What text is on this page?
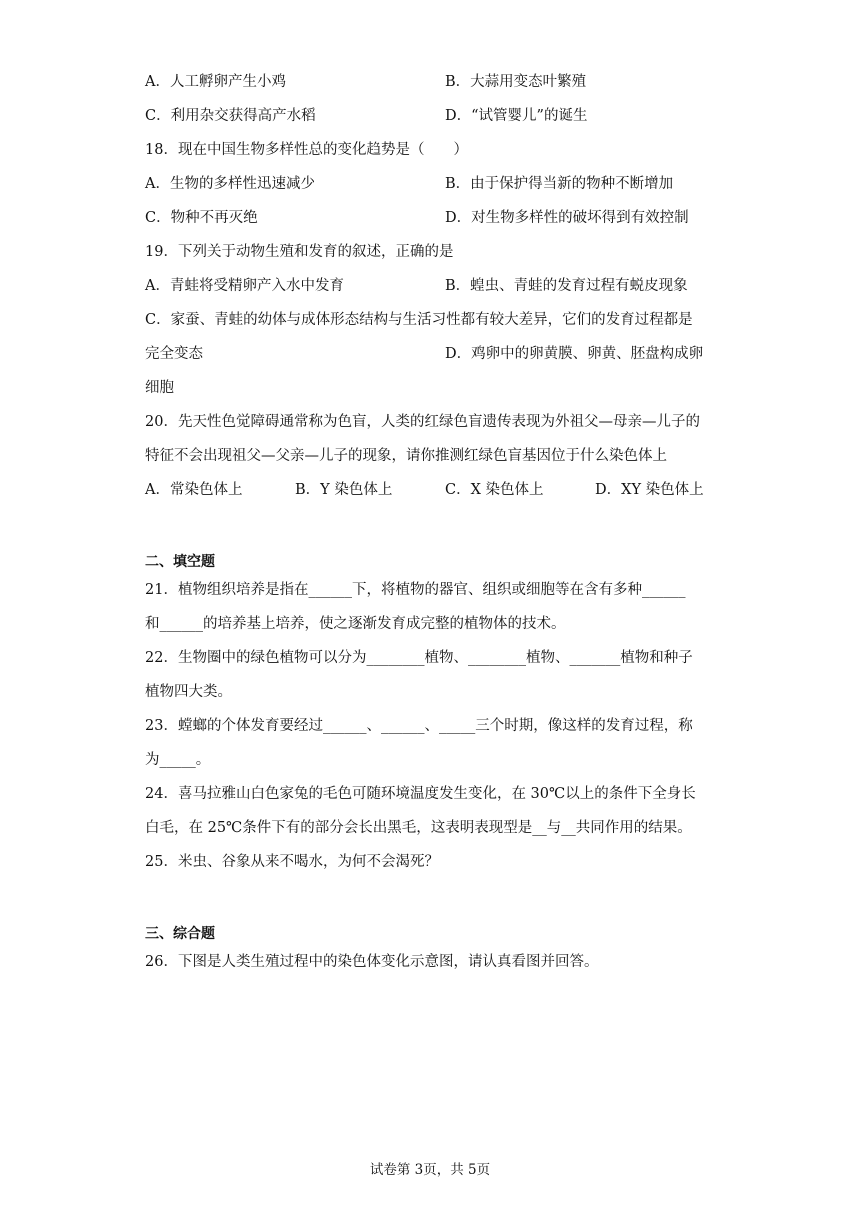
A．人工孵卵产生小鸡	B．大蒜用变态叶繁殖
C．利用杂交获得高产水稻	D．“试管婴儿”的诞生
18．现在中国生物多样性总的变化趋势是（　　）
A．生物的多样性迅速减少	B．由于保护得当新的物种不断增加
C．物种不再灭绝	D．对生物多样性的破坏得到有效控制
19．下列关于动物生殖和发育的叙述，正确的是
A．青蛙将受精卵产入水中发育	B．蝗虫、青蛙的发育过程有蜕皮现象
C．家蚕、青蛙的幼体与成体形态结构与生活习性都有较大差异，它们的发育过程都是
完全变态	D．鸡卵中的卵黄膜、卵黄、胚盘构成卵
细胞
20．先天性色觉障碍通常称为色盲，人类的红绿色盲遗传表现为外祖父—母亲—儿子的
特征不会出现祖父—父亲—儿子的现象，请你推测红绿色盲基因位于什么染色体上
A．常染色体上	B．Y 染色体上	C．X 染色体上	D．XY 染色体上
二、填空题
21．植物组织培养是指在______下，将植物的器官、组织或细胞等在含有多种______
和______的培养基上培养，使之逐渐发育成完整的植物体的技术。
22．生物圈中的绿色植物可以分为________植物、________植物、_______植物和种子
植物四大类。
23．螳螂的个体发育要经过______、______、_____三个时期，像这样的发育过程，称
为_____。
24．喜马拉雅山白色家兔的毛色可随环境温度发生变化，在 30℃以上的条件下全身长
白毛，在 25℃条件下有的部分会长出黑毛，这表明表现型是__与__共同作用的结果。
25．米虫、谷象从来不喝水，为何不会渴死？
三、综合题
26．下图是人类生殖过程中的染色体变化示意图，请认真看图并回答。
试卷第 3页，共 5页
